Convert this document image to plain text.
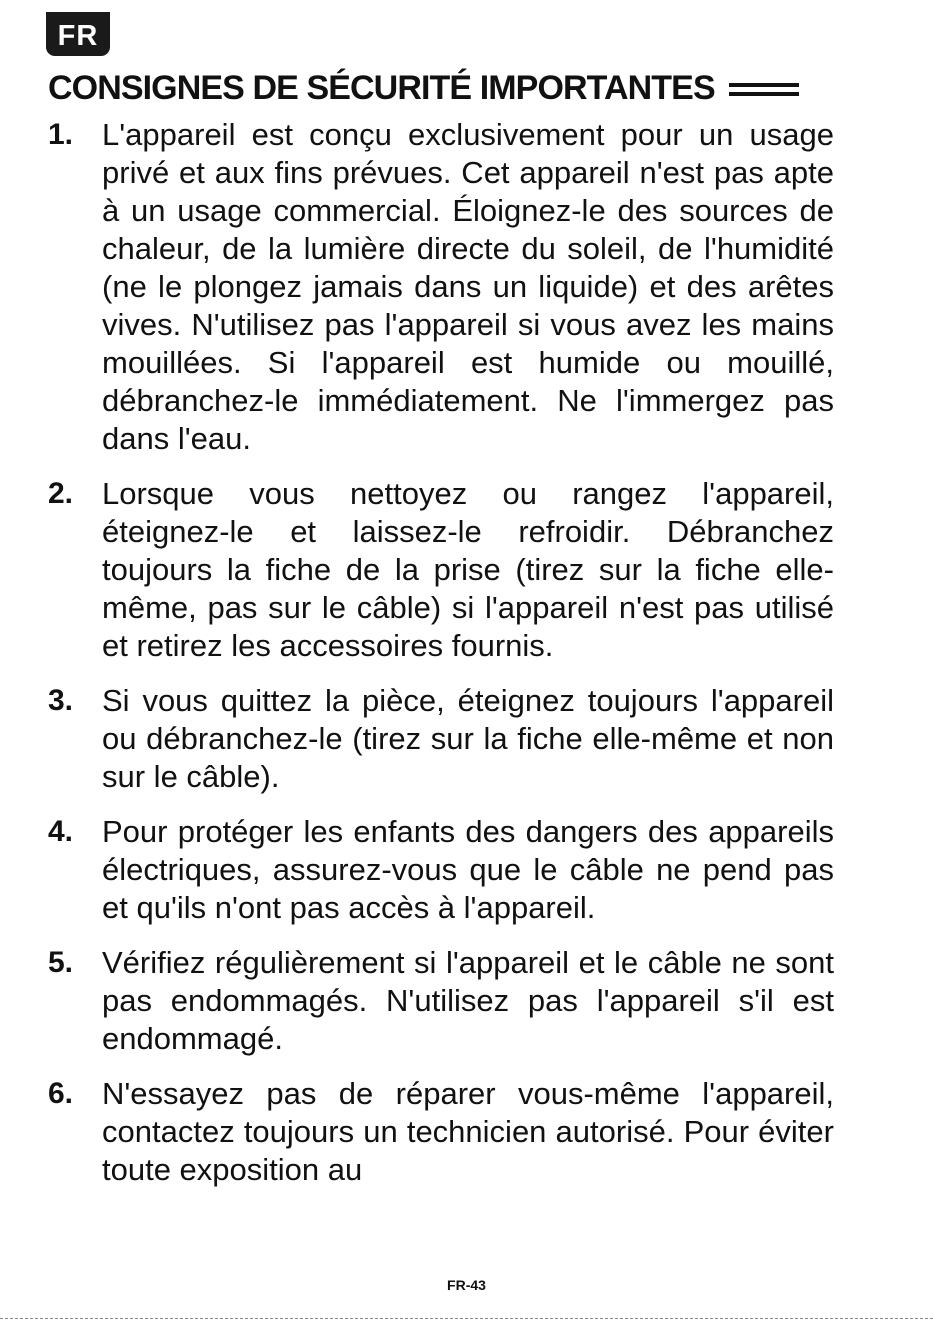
FR
CONSIGNES DE SÉCURITÉ IMPORTANTES
1. L'appareil est conçu exclusivement pour un usage privé et aux fins prévues. Cet appareil n'est pas apte à un usage commercial. Éloignez-le des sources de chaleur, de la lumière directe du soleil, de l'humidité (ne le plongez jamais dans un liquide) et des arêtes vives. N'utilisez pas l'appareil si vous avez les mains mouillées. Si l'appareil est humide ou mouillé, débranchez-le immédiatement. Ne l'immergez pas dans l'eau.
2. Lorsque vous nettoyez ou rangez l'appareil, éteignez-le et laissez-le refroidir. Débranchez toujours la fiche de la prise (tirez sur la fiche elle-même, pas sur le câble) si l'appareil n'est pas utilisé et retirez les accessoires fournis.
3. Si vous quittez la pièce, éteignez toujours l'appareil ou débranchez-le (tirez sur la fiche elle-même et non sur le câble).
4. Pour protéger les enfants des dangers des appareils électriques, assurez-vous que le câble ne pend pas et qu'ils n'ont pas accès à l'appareil.
5. Vérifiez régulièrement si l'appareil et le câble ne sont pas endommagés. N'utilisez pas l'appareil s'il est endommagé.
6. N'essayez pas de réparer vous-même l'appareil, contactez toujours un technicien autorisé. Pour éviter toute exposition au
FR-43
